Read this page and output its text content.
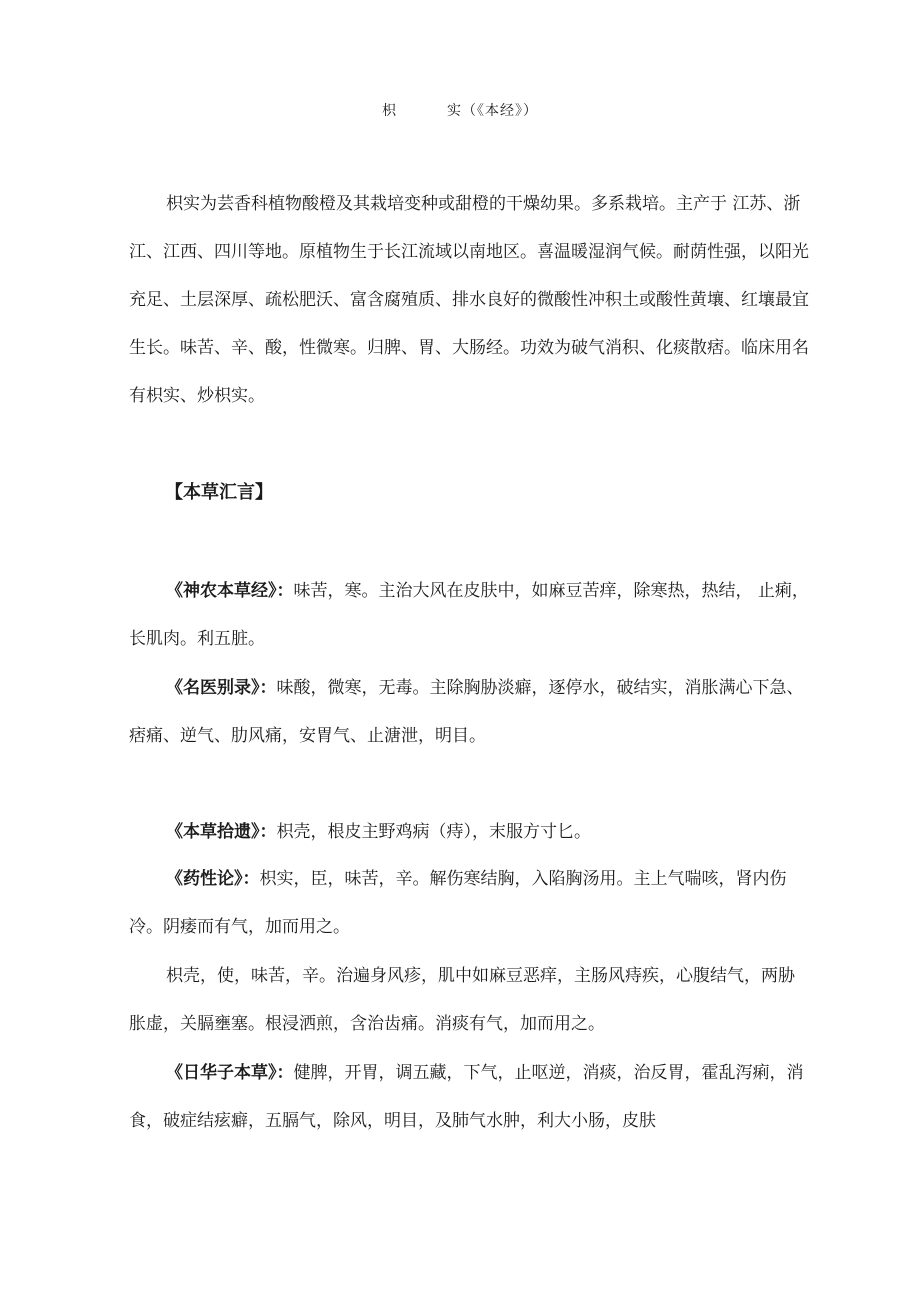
枳	实（《本经》）

枳实为芸香科植物酸橙及其栽培变种或甜橙的干燥幼果。多系栽培。主产于 江苏、浙江、江西、四川等地。原植物生于长江流域以南地区。喜温暖湿润气候。耐荫性强，以阳光充足、土层深厚、疏松肥沃、富含腐殖质、排水良好的微酸性冲积土或酸性黄壤、红壤最宜生长。味苦、辛、酸，性微寒。归脾、胃、大肠经。功效为破气消积、化痰散痞。临床用名有枳实、炒枳实。

【本草汇言】

《神农本草经》：味苦，寒。主治大风在皮肤中，如麻豆苦痒，除寒热，热结， 止痢，长肌肉。利五脏。

《名医别录》：味酸，微寒，无毒。主除胸胁淡癖，逐停水，破结实，消胀满心下急、痞痛、逆气、肋风痛，安胃气、止溏泄，明目。

《本草拾遗》：枳壳，根皮主野鸡病（痔），末服方寸匕。

《药性论》：枳实，臣，味苦，辛。解伤寒结胸，入陷胸汤用。主上气喘咳，肾内伤冷。阴痿而有气，加而用之。

枳壳，使，味苦，辛。治遍身风疹，肌中如麻豆恶痒，主肠风痔疾，心腹结气，两胁胀虚，关膈壅塞。根浸洒煎，含治齿痛。消痰有气，加而用之。

《日华子本草》：健脾，开胃，调五藏，下气，止呕逆，消痰，治反胃，霍乱泻痢，消食，破症结痃癖，五膈气，除风，明目，及肺气水肿，利大小肠，皮肤
